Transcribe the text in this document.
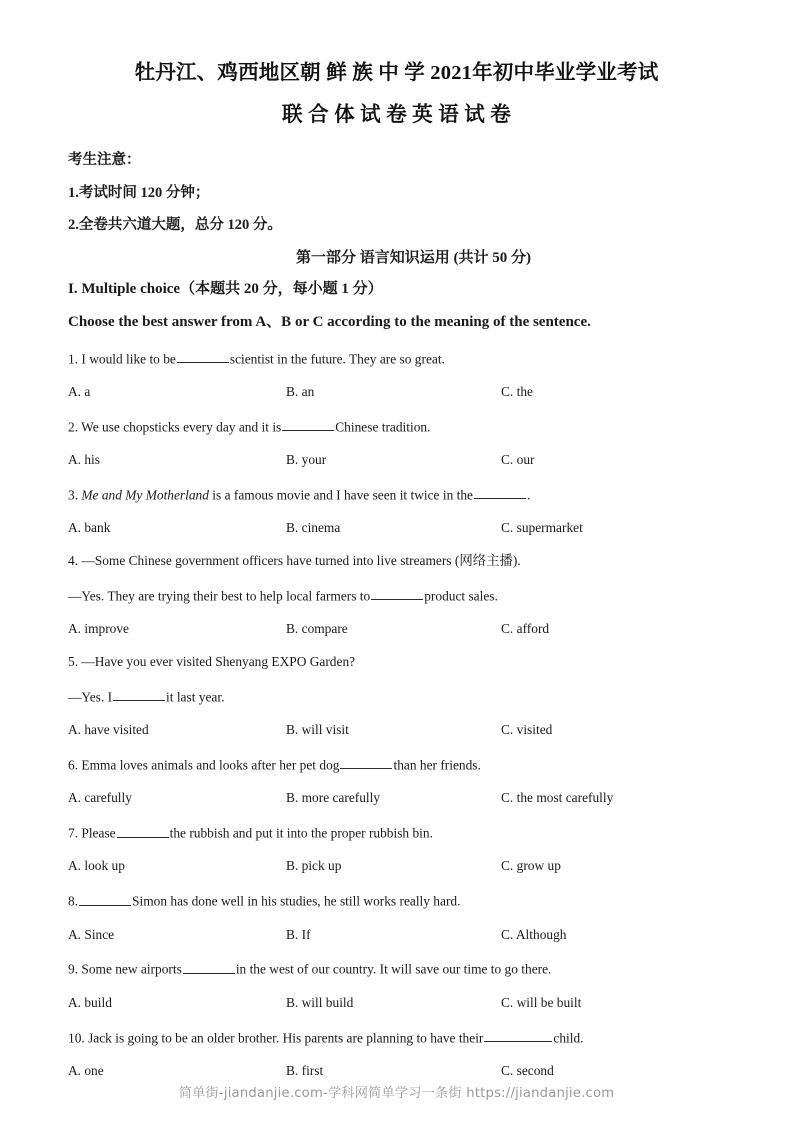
牡丹江、鸡西地区朝 鲜 族 中 学 2021年初中毕业学业考试
联 合 体 试 卷 英 语 试 卷
考生注意：
1.考试时间 120 分钟；
2.全卷共六道大题，总分 120 分。
第一部分 语言知识运用 (共计 50 分)
I. Multiple choice（本题共 20 分，每小题 1 分）
Choose the best answer from A、B or C according to the meaning of the sentence.
1. I would like to be	scientist in the future. They are so great.
A. a	B. an	C. the
2. We use chopsticks every day and it is	Chinese tradition.
A. his	B. your	C. our
3. Me and My Motherland is a famous movie and I have seen it twice in the	.
A. bank	B. cinema	C. supermarket
4. —Some Chinese government officers have turned into live streamers (网络主播).
—Yes. They are trying their best to help local farmers to	product sales.
A. improve	B. compare	C. afford
5. —Have you ever visited Shenyang EXPO Garden?
—Yes. I	it last year.
A. have visited	B. will visit	C. visited
6. Emma loves animals and looks after her pet dog	than her friends.
A. carefully	B. more carefully	C. the most carefully
7. Please	the rubbish and put it into the proper rubbish bin.
A. look up	B. pick up	C. grow up
8.	Simon has done well in his studies, he still works really hard.
A. Since	B. If	C. Although
9. Some new airports	in the west of our country. It will save our time to go there.
A. build	B. will build	C. will be built
10. Jack is going to be an older brother. His parents are planning to have their	child.
A. one	B. first	C. second
简单街-jiandanjie.com-学科网简单学习一条街 https://jiandanjie.com
